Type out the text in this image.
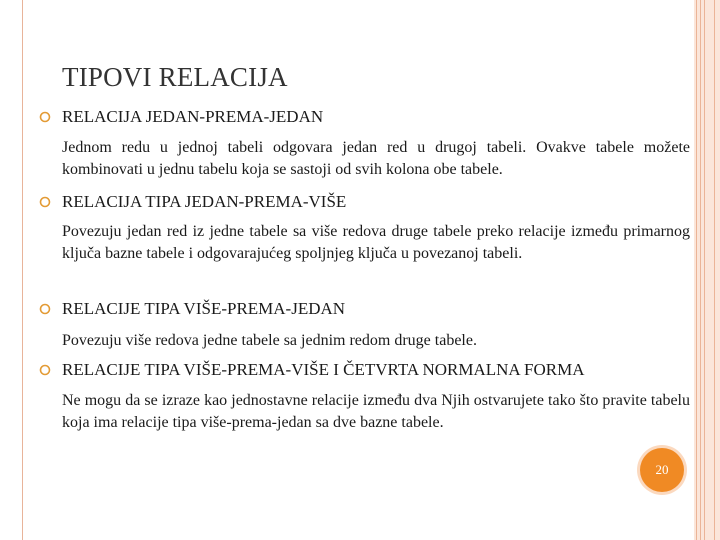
TIPOVI RELACIJA
RELACIJA JEDAN-PREMA-JEDAN
Jednom redu u jednoj tabeli odgovara jedan red u drugoj tabeli. Ovakve tabele možete kombinovati u jednu tabelu koja se sastoji od svih kolona obe tabele.
RELACIJA TIPA JEDAN-PREMA-VIŠE
Povezuju jedan red iz jedne tabele sa više redova druge tabele preko relacije između primarnog ključa bazne tabele i odgovarajućeg spoljnjeg ključa u povezanoj tabeli.
RELACIJE TIPA VIŠE-PREMA-JEDAN
Povezuju više redova jedne tabele sa jednim redom druge tabele.
RELACIJE TIPA VIŠE-PREMA-VIŠE I ČETVRTA NORMALNA FORMA
Ne mogu da se izraze kao jednostavne relacije između dva Njih ostvarujete tako što pravite tabelu koja ima relacije tipa više-prema-jedan sa dve bazne tabele.
20
